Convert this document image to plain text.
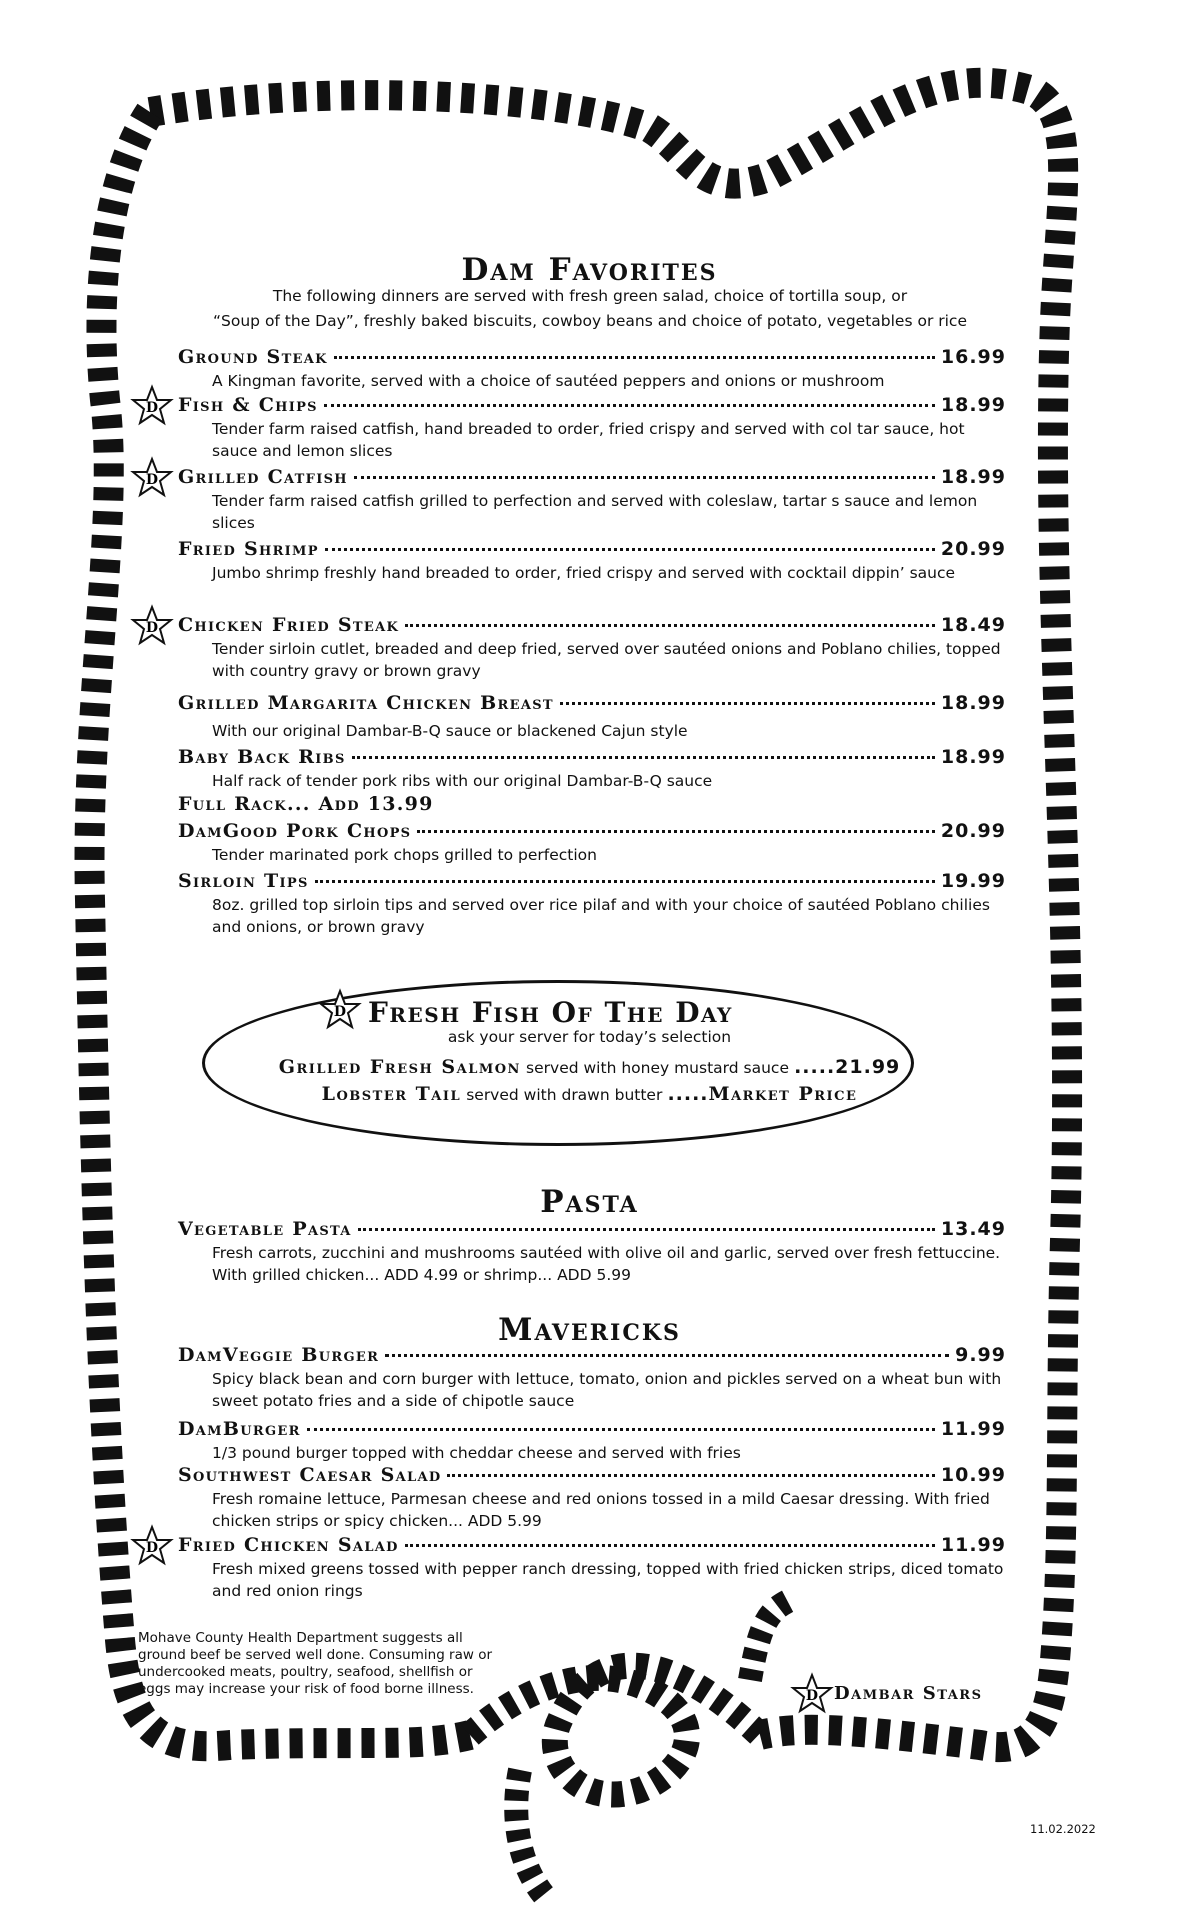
Dam Favorites
The following dinners are served with fresh green salad, choice of tortilla soup, or
“Soup of the Day”, freshly baked biscuits, cowboy beans and choice of potato, vegetables or rice
Ground Steak	16.99
A Kingman favorite, served with a choice of sautéed peppers and onions or mushroom
Fish & Chips	18.99
Tender farm raised catfish, hand breaded to order, fried crispy and served with col tar sauce, hot sauce and lemon slices
Grilled Catfish	18.99
Tender farm raised catfish grilled to perfection and served with coleslaw, tartar s sauce and lemon slices
Fried Shrimp	20.99
Jumbo shrimp freshly hand breaded to order, fried crispy and served with cocktail dippin’ sauce
Chicken Fried Steak	18.49
Tender sirloin cutlet, breaded and deep fried, served over sautéed onions and Poblano chilies, topped with country gravy or brown gravy
Grilled Margarita Chicken Breast	18.99
With our original Dambar-B-Q sauce or blackened Cajun style
Baby Back Ribs	18.99
Half rack of tender pork ribs with our original Dambar-B-Q sauce
Full Rack... Add 13.99
DamGood Pork Chops	20.99
Tender marinated pork chops grilled to perfection
Sirloin Tips	19.99
8oz. grilled top sirloin tips and served over rice pilaf and with your choice of sautéed Poblano chilies and onions, or brown gravy
Fresh Fish Of The Day
ask your server for today’s selection
Grilled Fresh Salmon served with honey mustard sauce .....21.99
Lobster Tail served with drawn butter .....Market Price
Pasta
Vegetable Pasta	13.49
Fresh carrots, zucchini and mushrooms sautéed with olive oil and garlic, served over fresh fettuccine. With grilled chicken... ADD 4.99 or shrimp... ADD 5.99
Mavericks
DamVeggie Burger	9.99
Spicy black bean and corn burger with lettuce, tomato, onion and pickles served on a wheat bun with sweet potato fries and a side of chipotle sauce
DamBurger	11.99
1/3 pound burger topped with cheddar cheese and served with fries
Southwest Caesar Salad	10.99
Fresh romaine lettuce, Parmesan cheese and red onions tossed in a mild Caesar dressing. With fried chicken strips or spicy chicken... ADD 5.99
Fried Chicken Salad	11.99
Fresh mixed greens tossed with pepper ranch dressing, topped with fried chicken strips, diced tomato and red onion rings
D
D
D
D
D
D
Mohave County Health Department suggests all ground beef be served well done. Consuming raw or undercooked meats, poultry, seafood, shellfish or eggs may increase your risk of food borne illness.	Dambar Stars
11.02.2022
